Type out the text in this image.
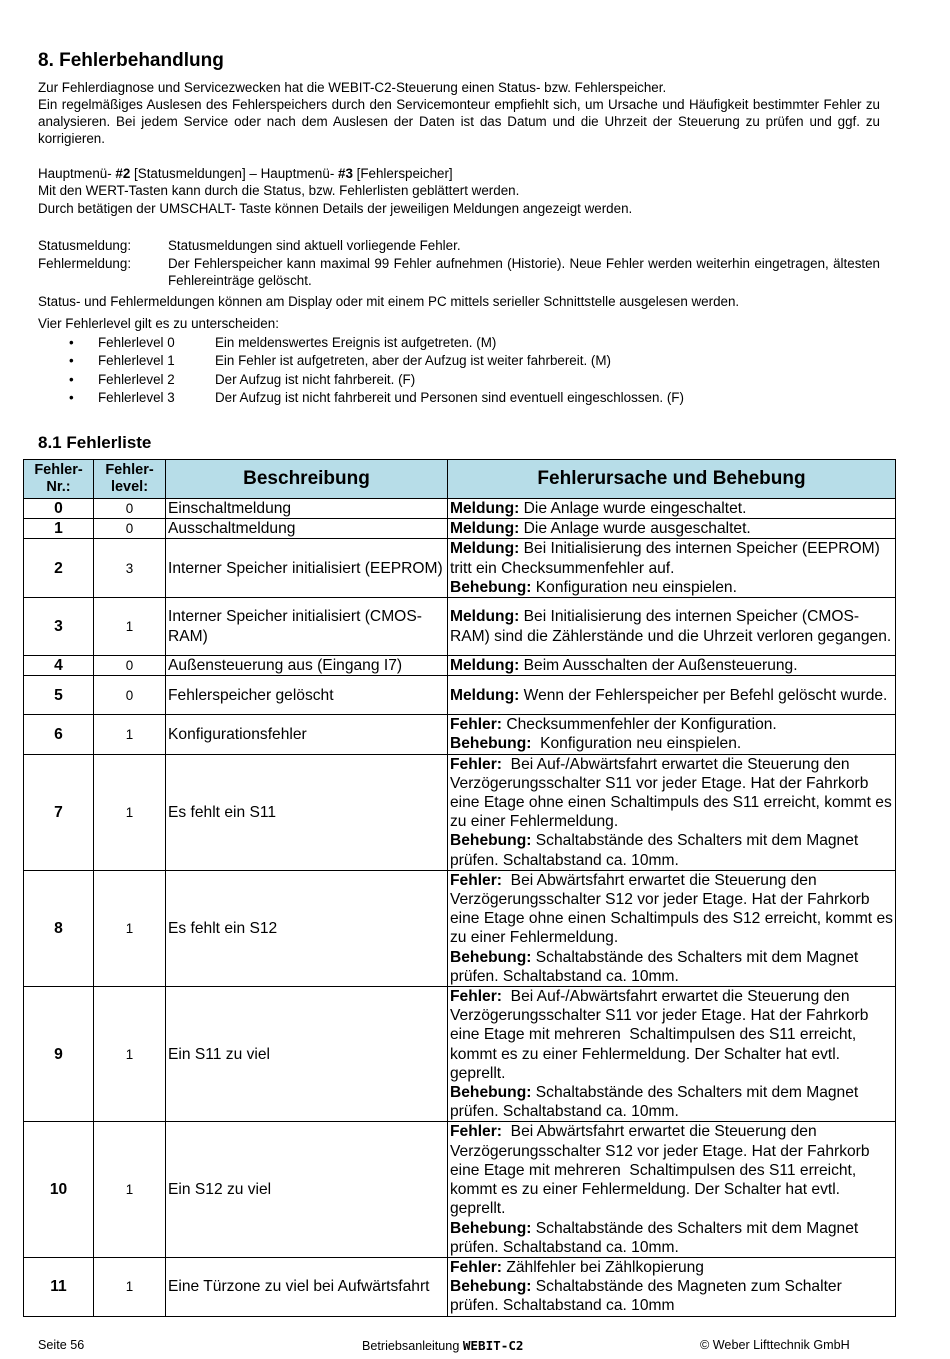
8. Fehlerbehandlung

Zur Fehlerdiagnose und Servicezwecken hat die WEBIT-C2-Steuerung einen Status- bzw. Fehlerspeicher.

Ein regelmäßiges Auslesen des Fehlerspeichers durch den Servicemonteur empfiehlt sich, um Ursache und Häufigkeit bestimmter Fehler zu analysieren. Bei jedem Service oder nach dem Auslesen der Daten ist das Datum und die Uhrzeit der Steuerung zu prüfen und ggf. zu korrigieren.

Hauptmenü- #2 [Statusmeldungen] – Hauptmenü- #3 [Fehlerspeicher]

Mit den WERT-Tasten kann durch die Status, bzw. Fehlerlisten geblättert werden.

Durch betätigen der UMSCHALT- Taste können Details der jeweiligen Meldungen angezeigt werden.

Statusmeldung:	Statusmeldungen sind aktuell vorliegende Fehler.
Fehlermeldung:	Der Fehlerspeicher kann maximal 99 Fehler aufnehmen (Historie). Neue Fehler werden weiterhin eingetragen, ältesten Fehlereinträge gelöscht.

Status- und Fehlermeldungen können am Display oder mit einem PC mittels serieller Schnittstelle ausgelesen werden.

Vier Fehlerlevel gilt es zu unterscheiden:

• Fehlerlevel 0	Ein meldenswertes Ereignis ist aufgetreten. (M)
• Fehlerlevel 1	Ein Fehler ist aufgetreten, aber der Aufzug ist weiter fahrbereit. (M)
• Fehlerlevel 2	Der Aufzug ist nicht fahrbereit. (F)
• Fehlerlevel 3	Der Aufzug ist nicht fahrbereit und Personen sind eventuell eingeschlossen. (F)
8.1 Fehlerliste
Fehler-Nr.:	Fehler-level:	Beschreibung	Fehlerursache und Behebung
0	0	Einschaltmeldung	Meldung: Die Anlage wurde eingeschaltet.

1	0	Ausschaltmeldung	Meldung: Die Anlage wurde ausgeschaltet.

2	3	Interner Speicher initialisiert (EEPROM)	Meldung: Bei Initialisierung des internen Speicher (EEPROM) tritt ein Checksummenfehler auf.
Behebung: Konfiguration neu einspielen.

3	1	Interner Speicher initialisiert (CMOS-RAM)	Meldung: Bei Initialisierung des internen Speicher (CMOS-RAM) sind die Zählerstände und die Uhrzeit verloren gegangen.

4	0	Außensteuerung aus (Eingang I7)	Meldung: Beim Ausschalten der Außensteuerung.

5	0	Fehlerspeicher gelöscht	Meldung: Wenn der Fehlerspeicher per Befehl gelöscht wurde.

6	1	Konfigurationsfehler	Fehler: Checksummenfehler der Konfiguration.
Behebung:  Konfiguration neu einspielen.

7	1	Es fehlt ein S11	Fehler:  Bei Auf-/Abwärtsfahrt erwartet die Steuerung den Verzögerungsschalter S11 vor jeder Etage. Hat der Fahrkorb eine Etage ohne einen Schaltimpuls des S11 erreicht, kommt es zu einer Fehlermeldung.
Behebung: Schaltabstände des Schalters mit dem Magnet prüfen. Schaltabstand ca. 10mm.

8	1	Es fehlt ein S12	Fehler:  Bei Abwärtsfahrt erwartet die Steuerung den Verzögerungsschalter S12 vor jeder Etage. Hat der Fahrkorb eine Etage ohne einen Schaltimpuls des S12 erreicht, kommt es zu einer Fehlermeldung.
Behebung: Schaltabstände des Schalters mit dem Magnet prüfen. Schaltabstand ca. 10mm.

9	1	Ein S11 zu viel	Fehler:  Bei Auf-/Abwärtsfahrt erwartet die Steuerung den Verzögerungsschalter S11 vor jeder Etage. Hat der Fahrkorb eine Etage mit mehreren  Schaltimpulsen des S11 erreicht, kommt es zu einer Fehlermeldung. Der Schalter hat evtl. geprellt.
Behebung: Schaltabstände des Schalters mit dem Magnet prüfen. Schaltabstand ca. 10mm.

10	1	Ein S12 zu viel	Fehler:  Bei Abwärtsfahrt erwartet die Steuerung den Verzögerungsschalter S12 vor jeder Etage. Hat der Fahrkorb eine Etage mit mehreren  Schaltimpulsen des S11 erreicht, kommt es zu einer Fehlermeldung. Der Schalter hat evtl. geprellt.
Behebung: Schaltabstände des Schalters mit dem Magnet prüfen. Schaltabstand ca. 10mm.

11	1	Eine Türzone zu viel bei Aufwärtsfahrt	Fehler: Zählfehler bei Zählkopierung
Behebung: Schaltabstände des Magneten zum Schalter prüfen. Schaltabstand ca. 10mm
Seite 56	Betriebsanleitung WEBIT-C2	© Weber Lifttechnik GmbH
